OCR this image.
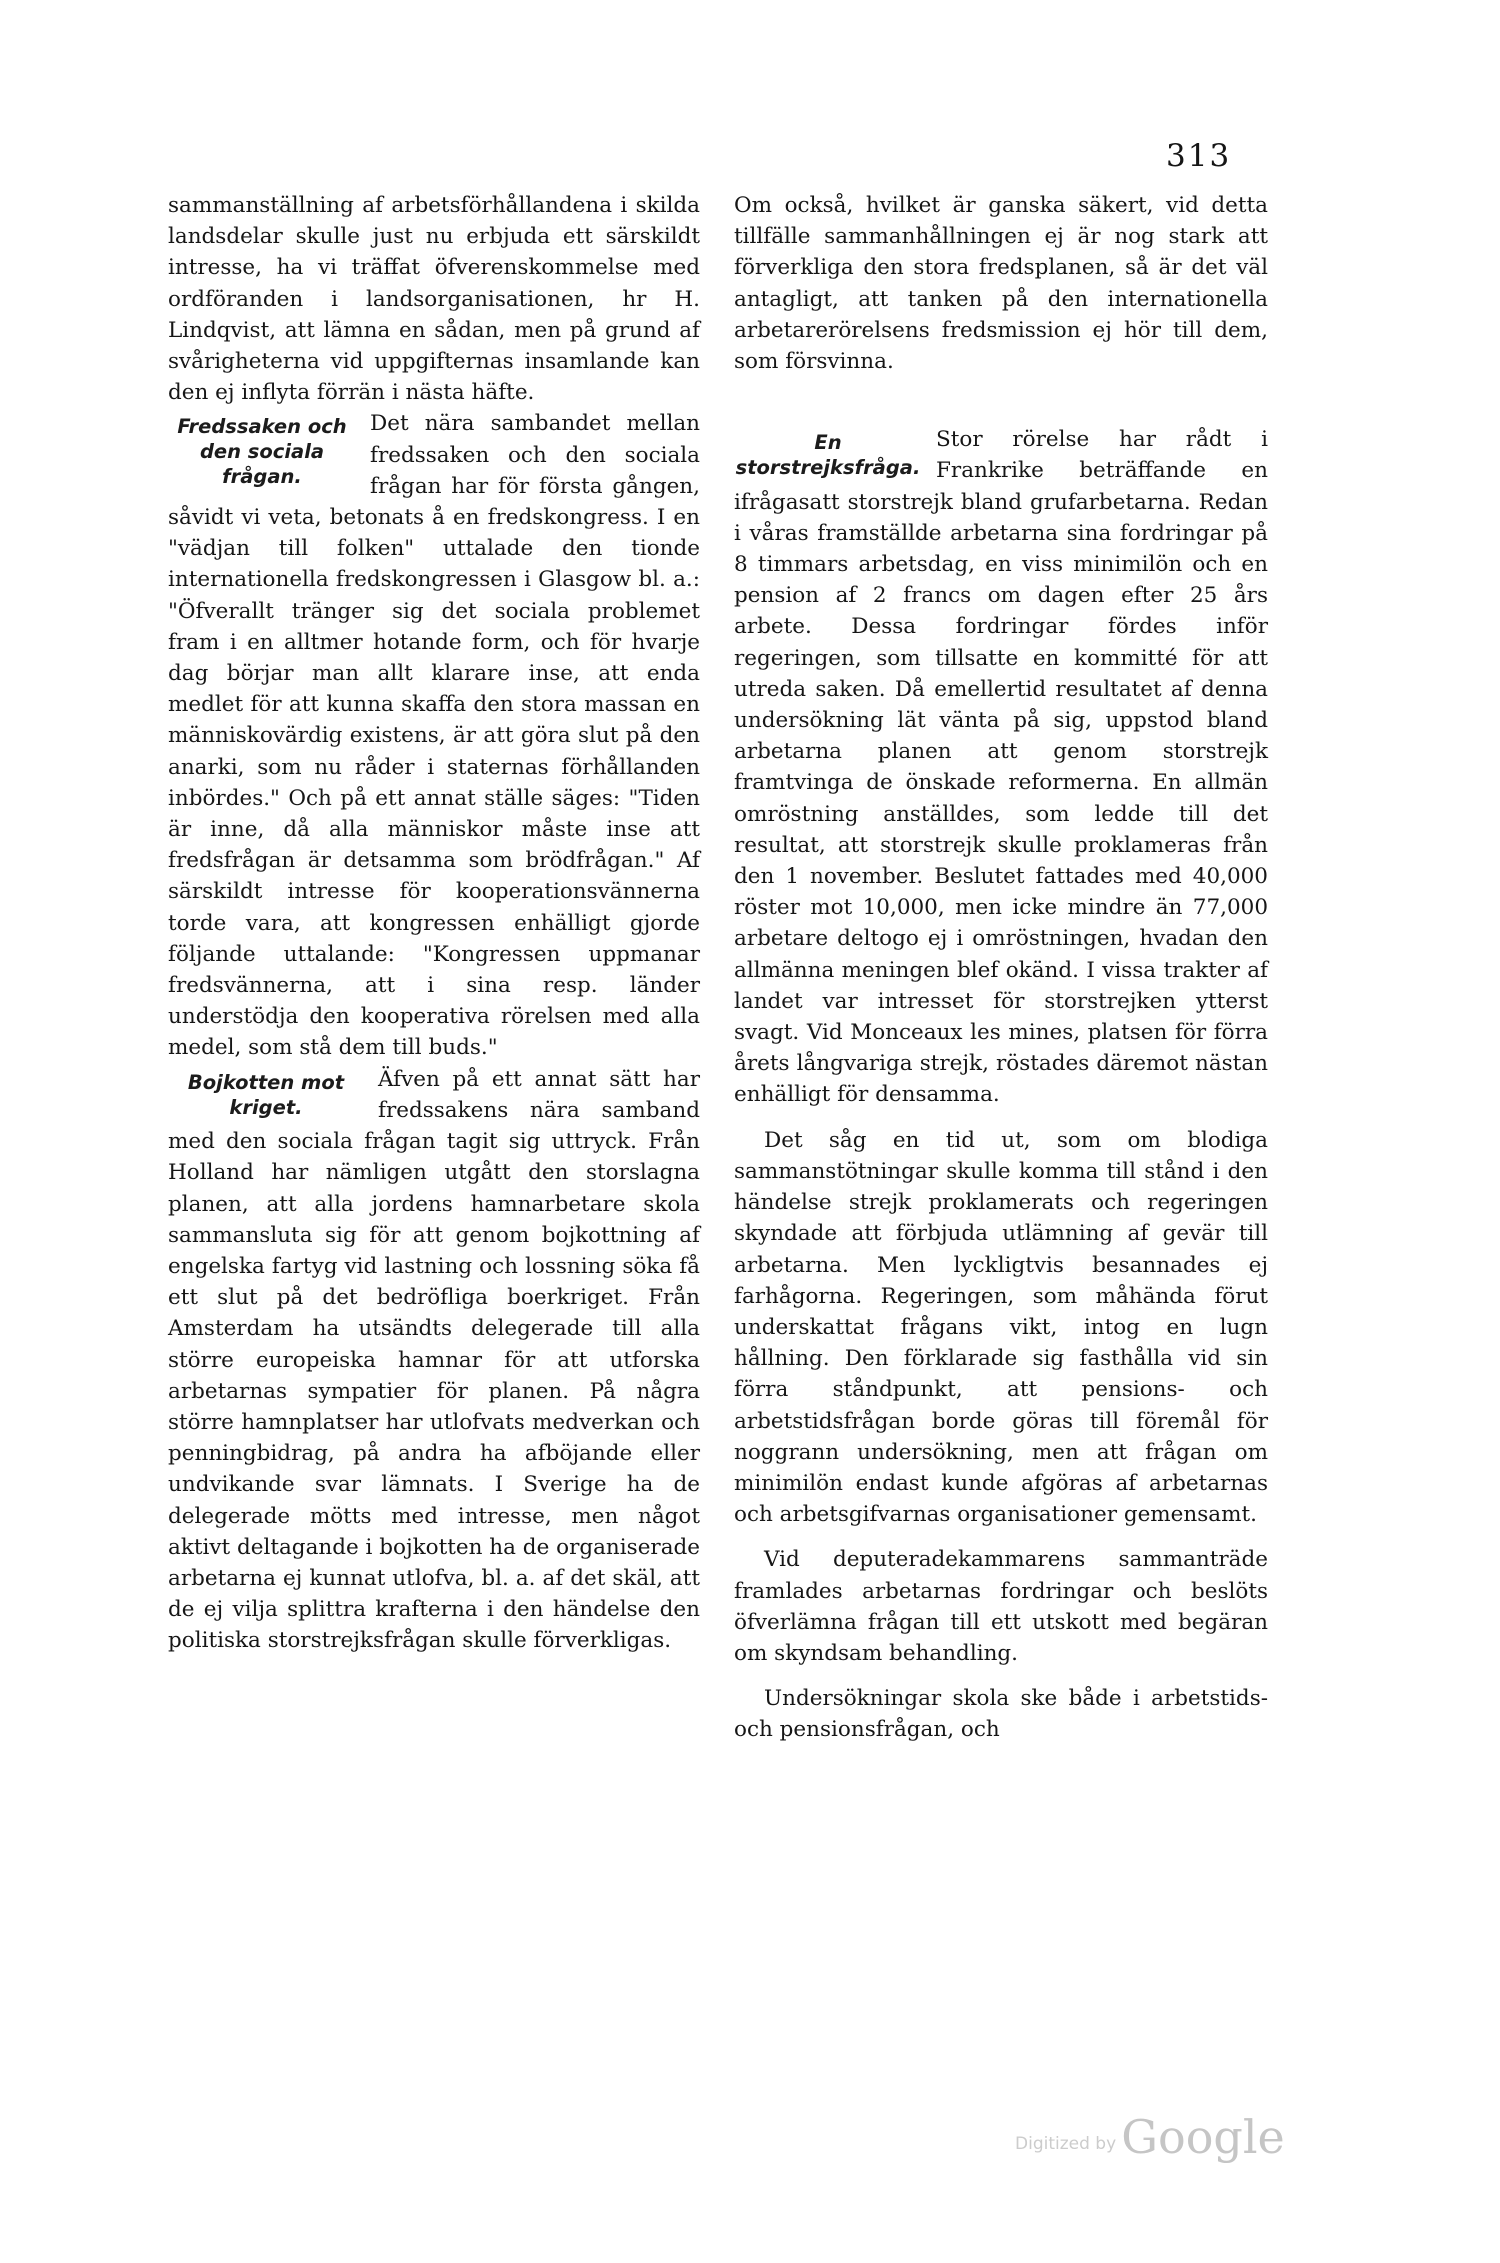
313

sammanställning af arbetsförhållandena i skilda landsdelar skulle just nu erbjuda ett särskildt intresse, ha vi träffat öfverenskommelse med ordföranden i landsorganisationen, hr H. Lindqvist, att lämna en sådan, men på grund af svårigheterna vid uppgifternas insamlande kan den ej inflyta förrän i nästa häfte.

Fredssaken och den sociala frågan.

Det nära sambandet mellan fredssaken och den sociala frågan har för första gången, såvidt vi veta, betonats å en fredskongress. I en "vädjan till folken" uttalade den tionde internationella fredskongressen i Glasgow bl. a.: "Öfverallt tränger sig det sociala problemet fram i en alltmer hotande form, och för hvarje dag börjar man allt klarare inse, att enda medlet för att kunna skaffa den stora massan en människovärdig existens, är att göra slut på den anarki, som nu råder i staternas förhållanden inbördes." Och på ett annat ställe säges: "Tiden är inne, då alla människor måste inse att fredsfrågan är detsamma som brödfrågan." Af särskildt intresse för kooperationsvännerna torde vara, att kongressen enhälligt gjorde följande uttalande: "Kongressen uppmanar fredsvännerna, att i sina resp. länder understödja den kooperativa rörelsen med alla medel, som stå dem till buds."

Bojkotten mot kriget.

Äfven på ett annat sätt har fredssakens nära samband med den sociala frågan tagit sig uttryck. Från Holland har nämligen utgått den storslagna planen, att alla jordens hamnarbetare skola sammansluta sig för att genom bojkottning af engelska fartyg vid lastning och lossning söka få ett slut på det bedröfliga boerkriget. Från Amsterdam ha utsändts delegerade till alla större europeiska hamnar för att utforska arbetarnas sympatier för planen. På några större hamnplatser har utlofvats medverkan och penningbidrag, på andra ha afböjande eller undvikande svar lämnats. I Sverige ha de delegerade mötts med intresse, men något aktivt deltagande i bojkotten ha de organiserade arbetarna ej kunnat utlofva, bl. a. af det skäl, att de ej vilja splittra krafterna i den händelse den politiska storstrejksfrågan skulle förverkligas.

Om också, hvilket är ganska säkert, vid detta tillfälle sammanhållningen ej är nog stark att förverkliga den stora fredsplanen, så är det väl antagligt, att tanken på den internationella arbetarerörelsens fredsmission ej hör till dem, som försvinna.

En storstrejksfråga.

Stor rörelse har rådt i Frankrike beträffande en ifrågasatt storstrejk bland grufarbetarna. Redan i våras framställde arbetarna sina fordringar på 8 timmars arbetsdag, en viss minimilön och en pension af 2 francs om dagen efter 25 års arbete. Dessa fordringar fördes inför regeringen, som tillsatte en kommitté för att utreda saken. Då emellertid resultatet af denna undersökning lät vänta på sig, uppstod bland arbetarna planen att genom storstrejk framtvinga de önskade reformerna. En allmän omröstning anställdes, som ledde till det resultat, att storstrejk skulle proklameras från den 1 november. Beslutet fattades med 40,000 röster mot 10,000, men icke mindre än 77,000 arbetare deltogo ej i omröstningen, hvadan den allmänna meningen blef okänd. I vissa trakter af landet var intresset för storstrejken ytterst svagt. Vid Monceaux les mines, platsen för förra årets långvariga strejk, röstades däremot nästan enhälligt för densamma.

Det såg en tid ut, som om blodiga sammanstötningar skulle komma till stånd i den händelse strejk proklamerats och regeringen skyndade att förbjuda utlämning af gevär till arbetarna. Men lyckligtvis besannades ej farhågorna. Regeringen, som måhända förut underskattat frågans vikt, intog en lugn hållning. Den förklarade sig fasthålla vid sin förra ståndpunkt, att pensions- och arbetstidsfrågan borde göras till föremål för noggrann undersökning, men att frågan om minimilön endast kunde afgöras af arbetarnas och arbetsgifvarnas organisationer gemensamt.

Vid deputeradekammarens sammanträde framlades arbetarnas fordringar och beslöts öfverlämna frågan till ett utskott med begäran om skyndsam behandling.

Undersökningar skola ske både i arbetstids- och pensionsfrågan, och

Digitized by Google
